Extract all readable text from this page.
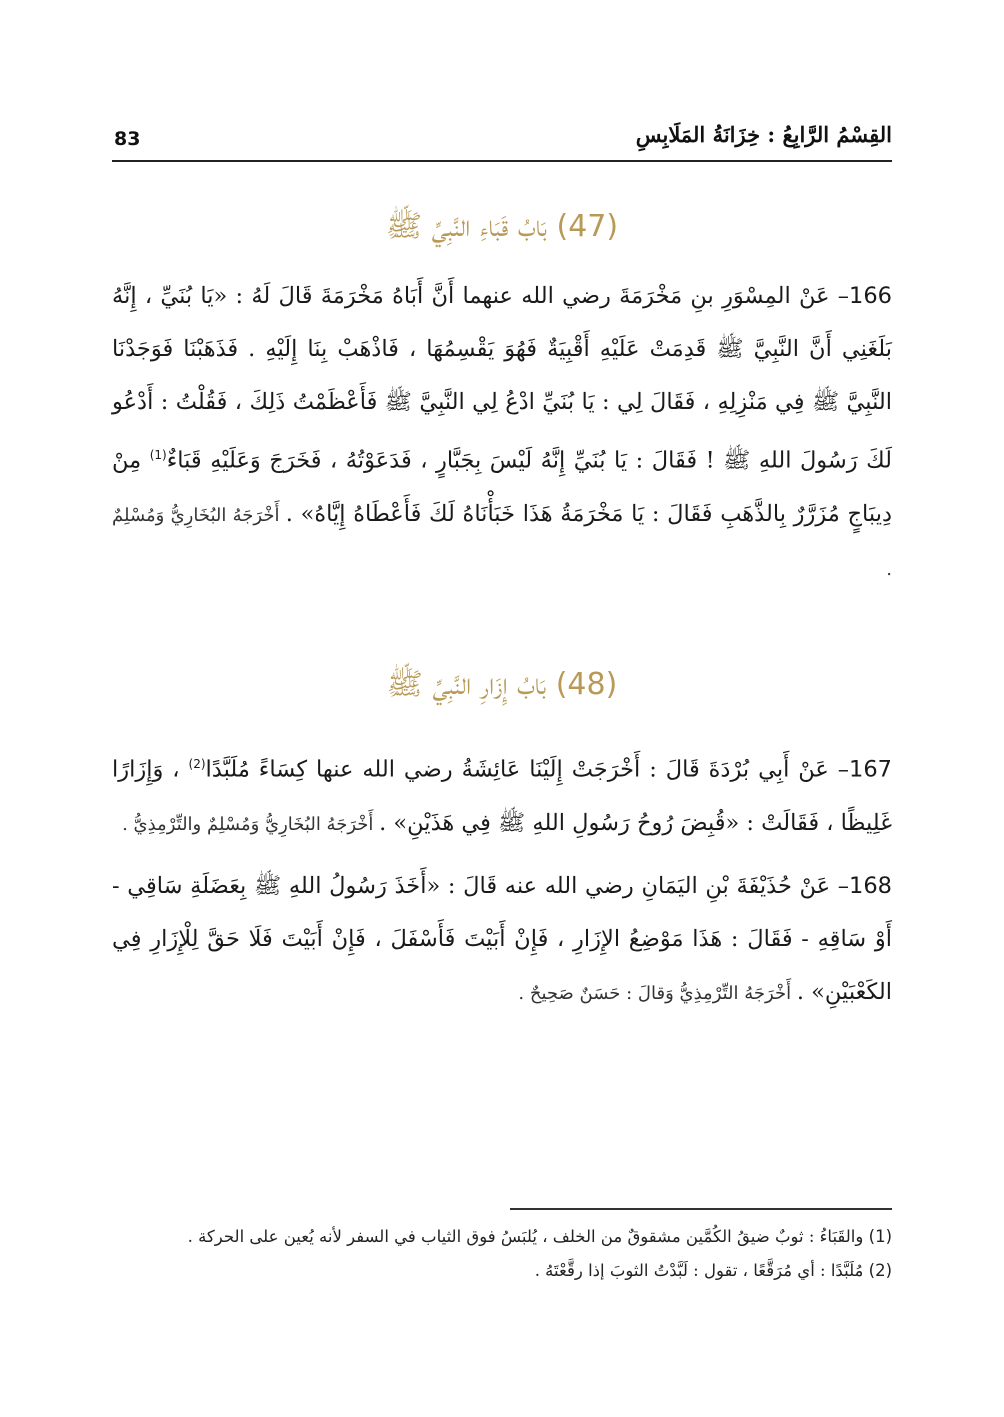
83	القِسْمُ الرَّابِعُ : خِزَانَةُ المَلَابِسِ
(47) بَابُ قَبَاءِ النَّبِيِّ ﷺ
166– عَنْ المِسْوَرِ بنِ مَخْرَمَةَ رضي الله عنهما أَنَّ أَبَاهُ مَخْرَمَةَ قَالَ لَهُ : «يَا بُنَيِّ ، إِنَّهُ بَلَغَنِي أَنَّ النَّبِيَّ ﷺ قَدِمَتْ عَلَيْهِ أَقْبِيَةٌ فَهُوَ يَقْسِمُهَا ، فَاذْهَبْ بِنَا إِلَيْهِ . فَذَهَبْنَا فَوَجَدْنَا النَّبِيَّ ﷺ فِي مَنْزِلِهِ ، فَقَالَ لِي : يَا بُنَيِّ ادْعُ لِي النَّبِيَّ ﷺ فَأَعْظَمْتُ ذَلِكَ ، فَقُلْتُ : أَدْعُو لَكَ رَسُولَ اللهِ ﷺ ! فَقَالَ : يَا بُنَيِّ إِنَّهُ لَيْسَ بِجَبَّارٍ ، فَدَعَوْتُهُ ، فَخَرَجَ وَعَلَيْهِ قَبَاءٌ$^{(1)}$ مِنْ دِيبَاجٍ مُزَرَّرٌ بِالذَّهَبِ فَقَالَ : يَا مَخْرَمَةُ هَذَا خَبَأْنَاهُ لَكَ فَأَعْطَاهُ إِيَّاهُ» . أَخْرَجَهُ البُخَارِيُّ وَمُسْلِمٌ .
(48) بَابُ إِزَارِ النَّبِيِّ ﷺ
167– عَنْ أَبِي بُرْدَةَ قَالَ : أَخْرَجَتْ إِلَيْنَا عَائِشَةُ رضي الله عنها كِسَاءً مُلَبَّدًا$^{(2)}$ ، وَإِزَارًا غَلِيظًا ، فَقَالَتْ : «قُبِضَ رُوحُ رَسُولِ اللهِ ﷺ فِي هَذَيْنِ» . أَخْرَجَهُ البُخَارِيُّ وَمُسْلِمٌ والتِّرْمِذِيُّ .
168– عَنْ حُذَيْفَةَ بْنِ اليَمَانِ رضي الله عنه قَالَ : «أَخَذَ رَسُولُ اللهِ ﷺ بِعَضَلَةِ سَاقِي - أَوْ سَاقِهِ - فَقَالَ : هَذَا مَوْضِعُ الإِزَارِ ، فَإِنْ أَبَيْتَ فَأَسْفَلَ ، فَإِنْ أَبَيْتَ فَلَا حَقَّ لِلْإِزَارِ فِي الكَعْبَيْنِ» . أَخْرَجَهُ التِّرْمِذِيُّ وَقالَ : حَسَنٌ صَحِيحٌ .
(1) والقَبَاءُ : ثوبٌ ضيقُ الكُمَّين مشقوقٌ من الخلف ، يُلبَسُ فوق الثياب في السفر لأنه يُعين على الحركة .
(2) مُلَبَّدًا : أي مُرَقَّعًا ، تقول : لَبَّدْتُ الثوبَ إذا رقَّعْتَهُ .
